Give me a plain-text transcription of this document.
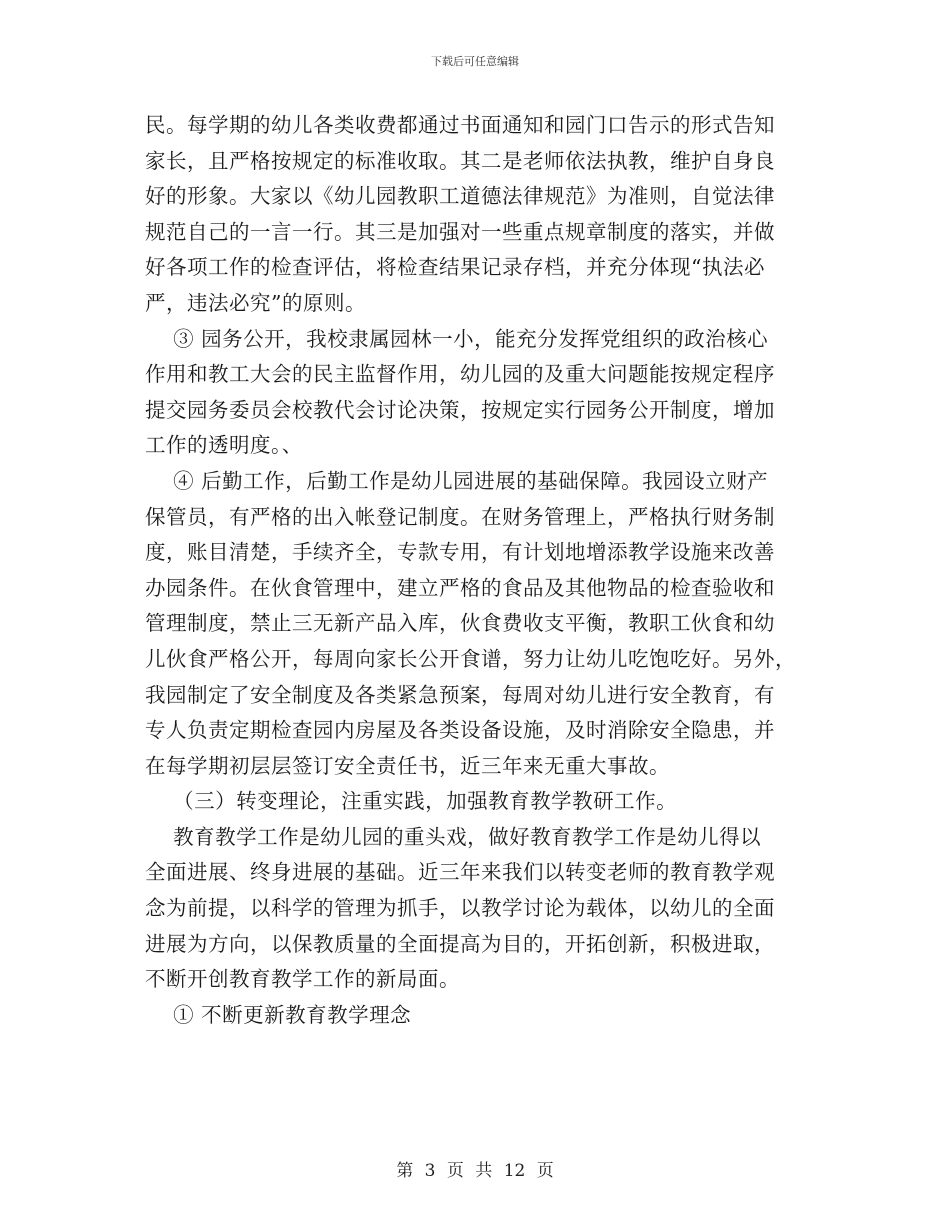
下载后可任意编辑

民。每学期的幼儿各类收费都通过书面通知和园门口告示的形式告知

家长，且严格按规定的标准收取。其二是老师依法执教，维护自身良

好的形象。大家以《幼儿园教职工道德法律规范》为准则，自觉法律

规范自己的一言一行。其三是加强对一些重点规章制度的落实，并做

好各项工作的检查评估，将检查结果记录存档，并充分体现“执法必

严，违法必究”的原则。

③ 园务公开，我校隶属园林一小，能充分发挥党组织的政治核心

作用和教工大会的民主监督作用，幼儿园的及重大问题能按规定程序

提交园务委员会校教代会讨论决策，按规定实行园务公开制度，增加

工作的透明度。、

④ 后勤工作，后勤工作是幼儿园进展的基础保障。我园设立财产

保管员，有严格的出入帐登记制度。在财务管理上，严格执行财务制

度，账目清楚，手续齐全，专款专用，有计划地增添教学设施来改善

办园条件。在伙食管理中，建立严格的食品及其他物品的检查验收和

管理制度，禁止三无新产品入库，伙食费收支平衡，教职工伙食和幼

儿伙食严格公开，每周向家长公开食谱，努力让幼儿吃饱吃好。另外，

我园制定了安全制度及各类紧急预案，每周对幼儿进行安全教育，有

专人负责定期检查园内房屋及各类设备设施，及时消除安全隐患，并

在每学期初层层签订安全责任书，近三年来无重大事故。

（三）转变理论，注重实践，加强教育教学教研工作。

教育教学工作是幼儿园的重头戏，做好教育教学工作是幼儿得以

全面进展、终身进展的基础。近三年来我们以转变老师的教育教学观

念为前提，以科学的管理为抓手，以教学讨论为载体，以幼儿的全面

进展为方向，以保教质量的全面提高为目的，开拓创新，积极进取，

不断开创教育教学工作的新局面。

① 不断更新教育教学理念

第 3 页 共 12 页
